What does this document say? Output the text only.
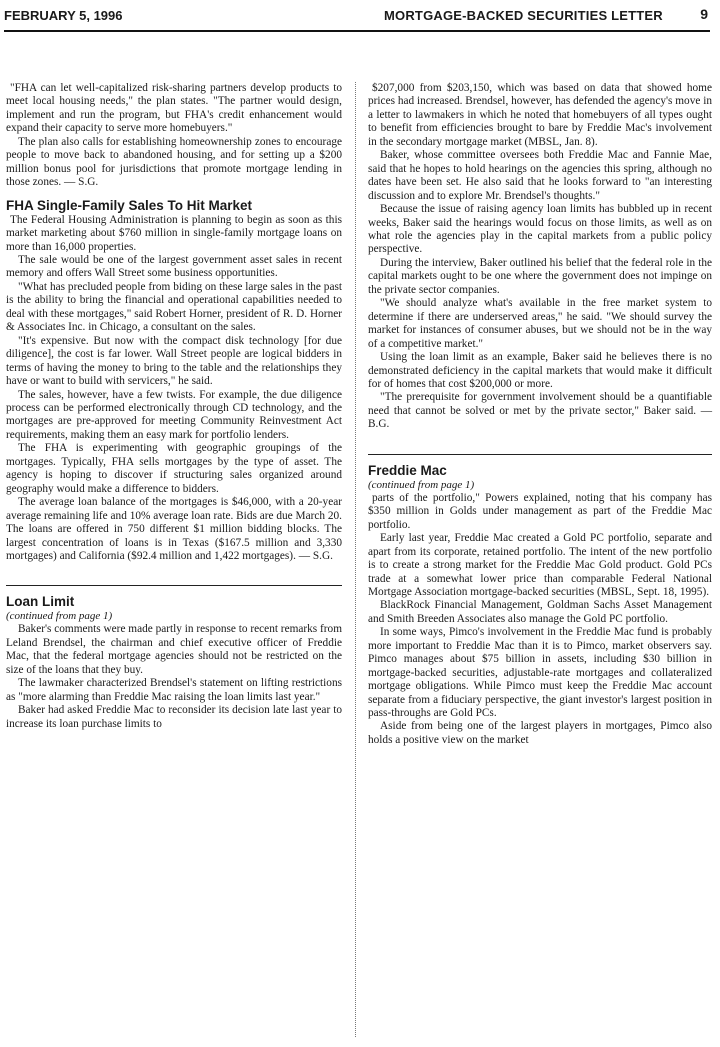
FEBRUARY 5, 1996	MORTGAGE-BACKED SECURITIES LETTER	9

"FHA can let well-capitalized risk-sharing partners develop products to meet local housing needs," the plan states. "The partner would design, implement and run the program, but FHA's credit enhancement would expand their capacity to serve more homebuyers."

The plan also calls for establishing homeownership zones to encourage people to move back to abandoned housing, and for setting up a $200 million bonus pool for jurisdictions that promote mortgage lending in those zones. — S.G.

FHA Single-Family Sales To Hit Market

The Federal Housing Administration is planning to begin as soon as this market marketing about $760 million in single-family mortgage loans on more than 16,000 properties.

The sale would be one of the largest government asset sales in recent memory and offers Wall Street some business opportunities.

"What has precluded people from biding on these large sales in the past is the ability to bring the financial and operational capabilities needed to deal with these mortgages," said Robert Horner, president of R. D. Horner & Associates Inc. in Chicago, a consultant on the sales.

"It's expensive. But now with the compact disk technology [for due diligence], the cost is far lower. Wall Street people are logical bidders in terms of having the money to bring to the table and the relationships they have or want to build with servicers," he said.

The sales, however, have a few twists. For example, the due diligence process can be performed electronically through CD technology, and the mortgages are pre-approved for meeting Community Reinvestment Act requirements, making them an easy mark for portfolio lenders.

The FHA is experimenting with geographic groupings of the mortgages. Typically, FHA sells mortgages by the type of asset. The agency is hoping to discover if structuring sales organized around geography would make a difference to bidders.

The average loan balance of the mortgages is $46,000, with a 20-year average remaining life and 10% average loan rate. Bids are due March 20. The loans are offered in 750 different $1 million bidding blocks. The largest concentration of loans is in Texas ($167.5 million and 3,330 mortgages) and California ($92.4 million and 1,422 mortgages). — S.G.

Loan Limit
(continued from page 1)

Baker's comments were made partly in response to recent remarks from Leland Brendsel, the chairman and chief executive officer of Freddie Mac, that the federal mortgage agencies should not be restricted on the size of the loans that they buy.

The lawmaker characterized Brendsel's statement on lifting restrictions as "more alarming than Freddie Mac raising the loan limits last year."

Baker had asked Freddie Mac to reconsider its decision late last year to increase its loan purchase limits to

$207,000 from $203,150, which was based on data that showed home prices had increased. Brendsel, however, has defended the agency's move in a letter to lawmakers in which he noted that homebuyers of all types ought to benefit from efficiencies brought to bare by Freddie Mac's involvement in the secondary mortgage market (MBSL, Jan. 8).

Baker, whose committee oversees both Freddie Mac and Fannie Mae, said that he hopes to hold hearings on the agencies this spring, although no dates have been set. He also said that he looks forward to "an interesting discussion and to explore Mr. Brendsel's thoughts."

Because the issue of raising agency loan limits has bubbled up in recent weeks, Baker said the hearings would focus on those limits, as well as on what role the agencies play in the capital markets from a public policy perspective.

During the interview, Baker outlined his belief that the federal role in the capital markets ought to be one where the government does not impinge on the private sector companies.

"We should analyze what's available in the free market system to determine if there are underserved areas," he said. "We should survey the market for instances of consumer abuses, but we should not be in the way of a competitive market."

Using the loan limit as an example, Baker said he believes there is no demonstrated deficiency in the capital markets that would make it difficult for of homes that cost $200,000 or more.

"The prerequisite for government involvement should be a quantifiable need that cannot be solved or met by the private sector," Baker said. — B.G.

Freddie Mac
(continued from page 1)

parts of the portfolio," Powers explained, noting that his company has $350 million in Golds under management as part of the Freddie Mac portfolio.

Early last year, Freddie Mac created a Gold PC portfolio, separate and apart from its corporate, retained portfolio. The intent of the new portfolio is to create a strong market for the Freddie Mac Gold product. Gold PCs trade at a somewhat lower price than comparable Federal National Mortgage Association mortgage-backed securities (MBSL, Sept. 18, 1995).

BlackRock Financial Management, Goldman Sachs Asset Management and Smith Breeden Associates also manage the Gold PC portfolio.

In some ways, Pimco's involvement in the Freddie Mac fund is probably more important to Freddie Mac than it is to Pimco, market observers say. Pimco manages about $75 billion in assets, including $30 billion in mortgage-backed securities, adjustable-rate mortgages and collateralized mortgage obligations. While Pimco must keep the Freddie Mac account separate from a fiduciary perspective, the giant investor's largest position in pass-throughs are Gold PCs.

Aside from being one of the largest players in mortgages, Pimco also holds a positive view on the market
